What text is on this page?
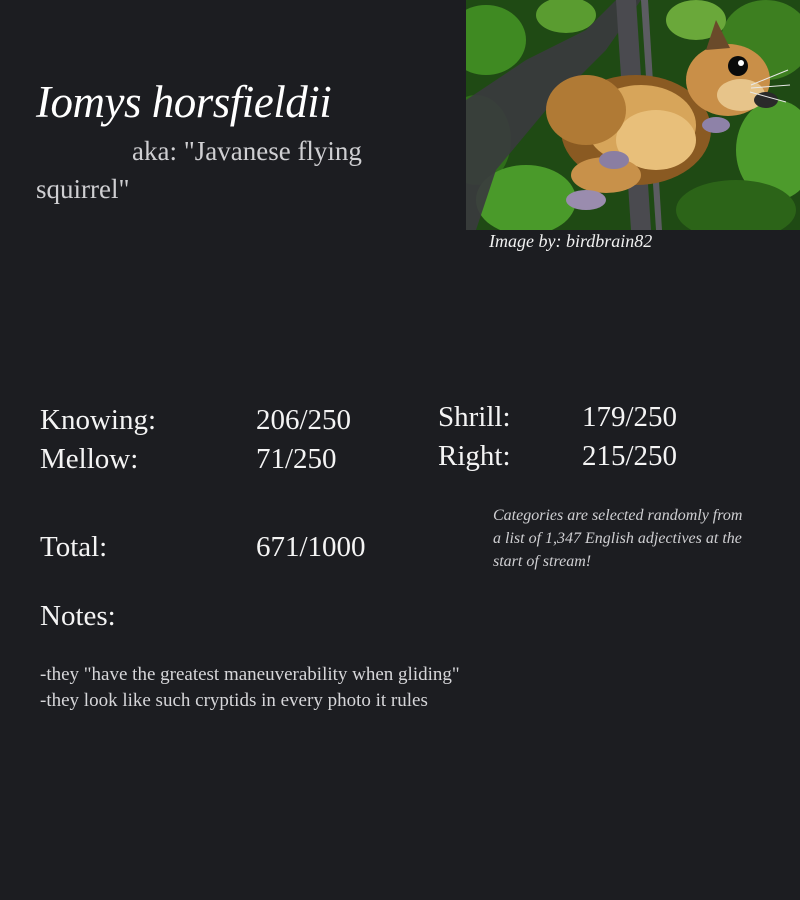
Iomys horsfieldii
aka: "Javanese flying squirrel"
Image by: birdbrain82
Knowing:	206/250
Mellow:	71/250
Shrill: 179/250
Right: 215/250
Total:	671/1000
Categories are selected randomly from a list of 1,347 English adjectives at the start of stream!
Notes:
-they "have the greatest maneuverability when gliding"
-they look like such cryptids in every photo it rules
